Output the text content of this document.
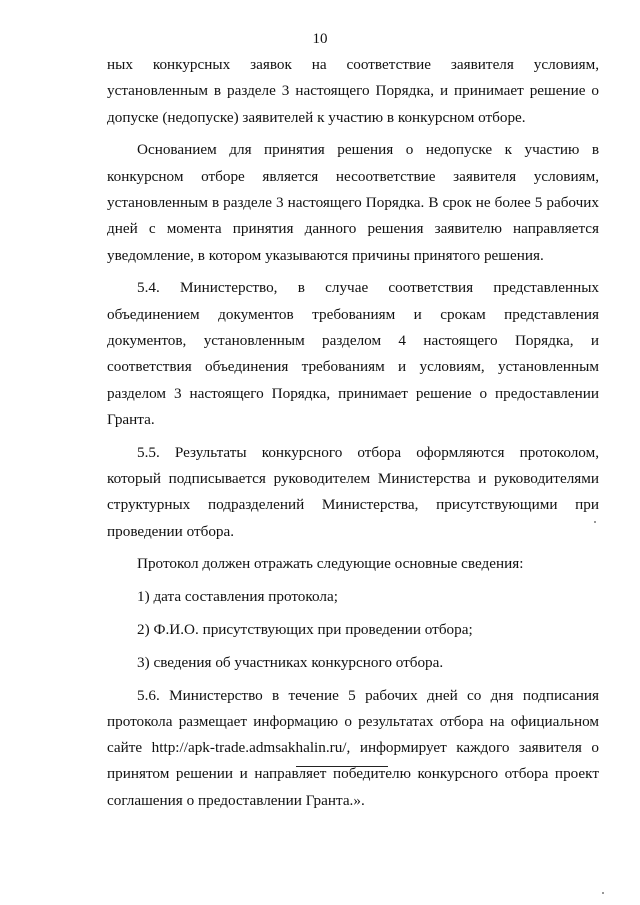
10

ных конкурсных заявок на соответствие заявителя условиям, установленным в разделе 3 настоящего Порядка, и принимает решение о допуске (недопуске) заявителей к участию в конкурсном отборе.

Основанием для принятия решения о недопуске к участию в конкурсном отборе является несоответствие заявителя условиям, установленным в разделе 3 настоящего Порядка. В срок не более 5 рабочих дней с момента принятия данного решения заявителю направляется уведомление, в котором указываются причины принятого решения.

5.4. Министерство, в случае соответствия представленных объединением документов требованиям и срокам представления документов, установленным разделом 4 настоящего Порядка, и соответствия объединения требованиям и условиям, установленным разделом 3 настоящего Порядка, принимает решение о предоставлении Гранта.

5.5. Результаты конкурсного отбора оформляются протоколом, который подписывается руководителем Министерства и руководителями структурных подразделений Министерства, присутствующими при проведении отбора.

Протокол должен отражать следующие основные сведения:

1) дата составления протокола;

2) Ф.И.О. присутствующих при проведении отбора;

3) сведения об участниках конкурсного отбора.

5.6. Министерство в течение 5 рабочих дней со дня подписания протокола размещает информацию о результатах отбора на официальном сайте http://apk-trade.admsakhalin.ru/, информирует каждого заявителя о принятом решении и направляет победителю конкурсного отбора проект соглашения о предоставлении Гранта.».
